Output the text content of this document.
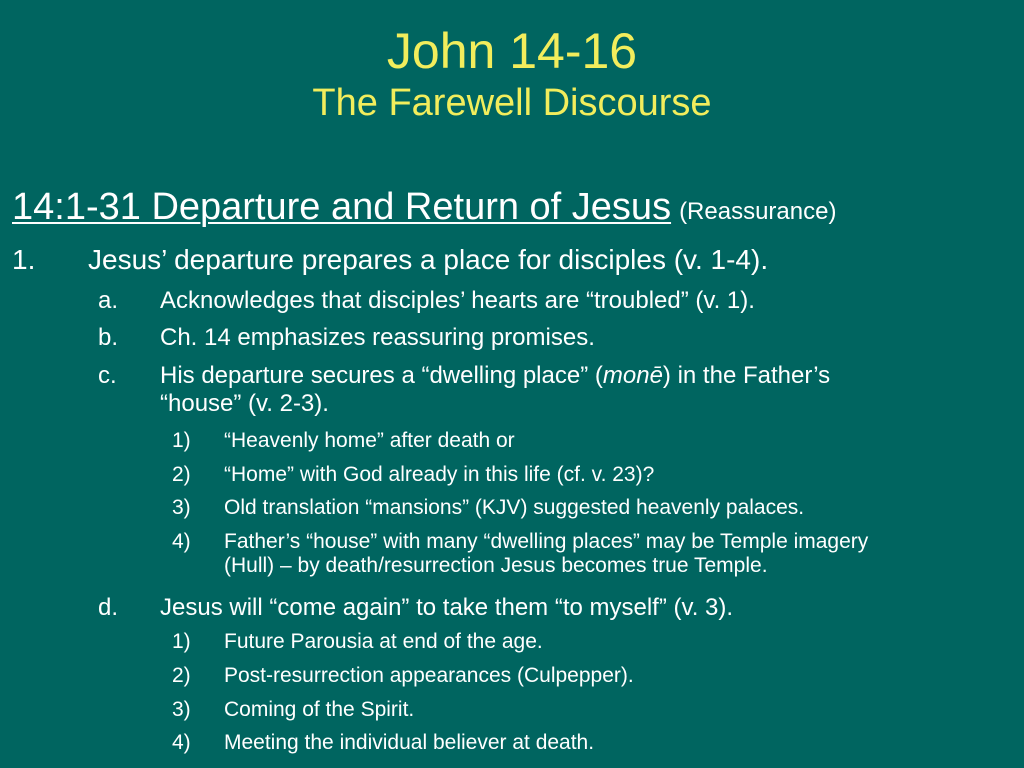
John 14-16
The Farewell Discourse
14:1-31 Departure and Return of Jesus (Reassurance)
1. Jesus’ departure prepares a place for disciples (v. 1-4).
a. Acknowledges that disciples’ hearts are “troubled” (v. 1).
b. Ch. 14 emphasizes reassuring promises.
c. His departure secures a “dwelling place” (monē) in the Father’s
“house” (v. 2-3).
1) “Heavenly home” after death or
2) “Home” with God already in this life (cf. v. 23)?
3) Old translation “mansions” (KJV) suggested heavenly palaces.
4) Father’s “house” with many “dwelling places” may be Temple imagery
(Hull) – by death/resurrection Jesus becomes true Temple.
d. Jesus will “come again” to take them “to myself” (v. 3).
1) Future Parousia at end of the age.
2) Post-resurrection appearances (Culpepper).
3) Coming of the Spirit.
4) Meeting the individual believer at death.
